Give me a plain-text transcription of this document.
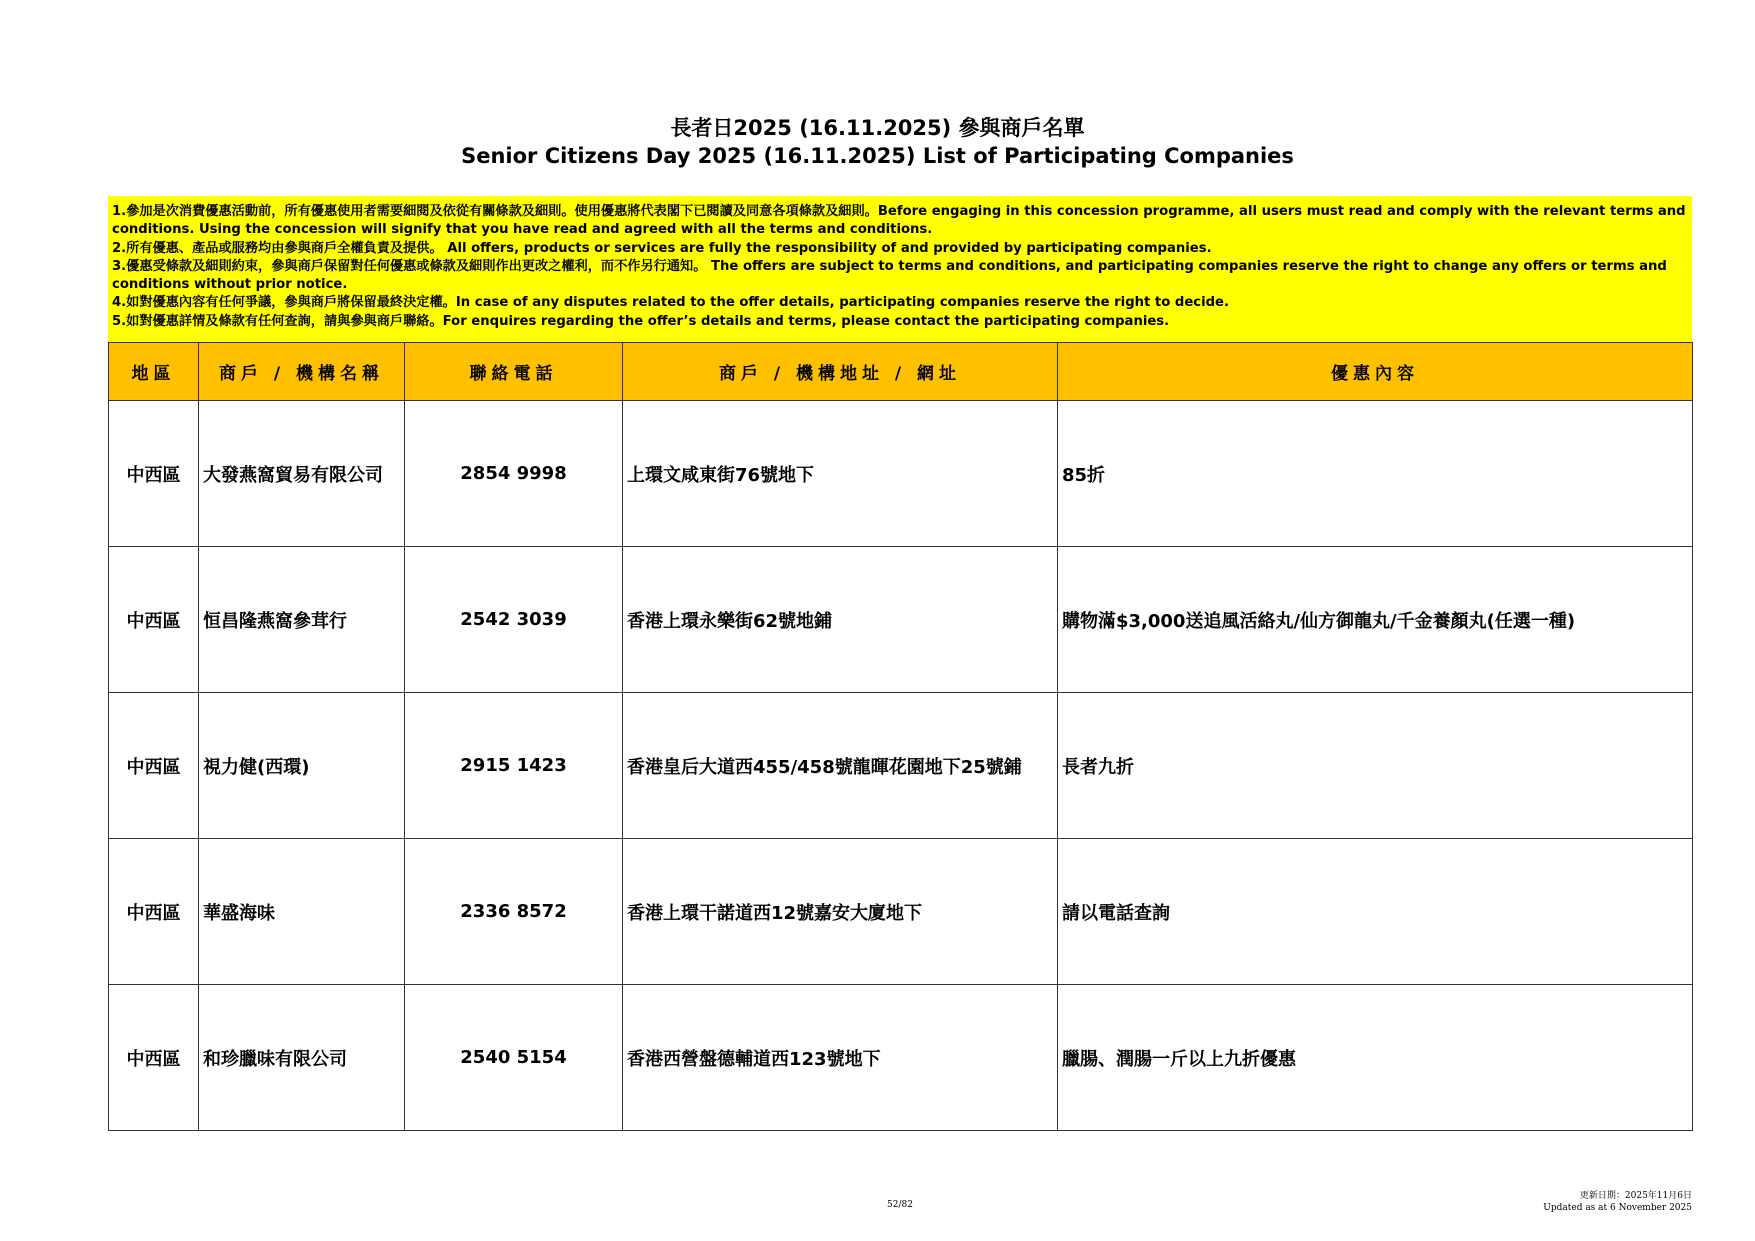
長者日2025 (16.11.2025) 參與商戶名單
Senior Citizens Day 2025 (16.11.2025) List of Participating Companies
1.參加是次消費優惠活動前，所有優惠使用者需要細閱及依從有關條款及細則。使用優惠將代表閣下已閱讀及同意各項條款及細則。Before engaging in this concession programme, all users must read and comply with the relevant terms and conditions. Using the concession will signify that you have read and agreed with all the terms and conditions.
2.所有優惠、產品或服務均由參與商戶全權負責及提供。 All offers, products or services are fully the responsibility of and provided by participating companies.
3.優惠受條款及細則約束，參與商戶保留對任何優惠或條款及細則作出更改之權利，而不作另行通知。 The offers are subject to terms and conditions, and participating companies reserve the right to change any offers or terms and conditions without prior notice.
4.如對優惠內容有任何爭議，參與商戶將保留最終決定權。In case of any disputes related to the offer details, participating companies reserve the right to decide.
5.如對優惠詳情及條款有任何查詢，請與參與商戶聯絡。For enquires regarding the offer’s details and terms, please contact the participating companies.
地區	商戶 / 機構名稱	聯絡電話	商戶 / 機構地址 / 網址	優惠內容
中西區	大發燕窩貿易有限公司	2854 9998	上環文咸東街76號地下	85折
中西區	恒昌隆燕窩參茸行	2542 3039	香港上環永樂街62號地鋪	購物滿$3,000送追風活絡丸/仙方御龍丸/千金養顏丸(任選一種)
中西區	視力健(西環)	2915 1423	香港皇后大道西455/458號龍暉花園地下25號鋪	長者九折
中西區	華盛海味	2336 8572	香港上環干諾道西12號嘉安大廈地下	請以電話查詢
中西區	和珍臘味有限公司	2540 5154	香港西營盤德輔道西123號地下	臘腸、潤腸一斤以上九折優惠
52/82
更新日期：2025年11月6日
Updated as at 6 November 2025
